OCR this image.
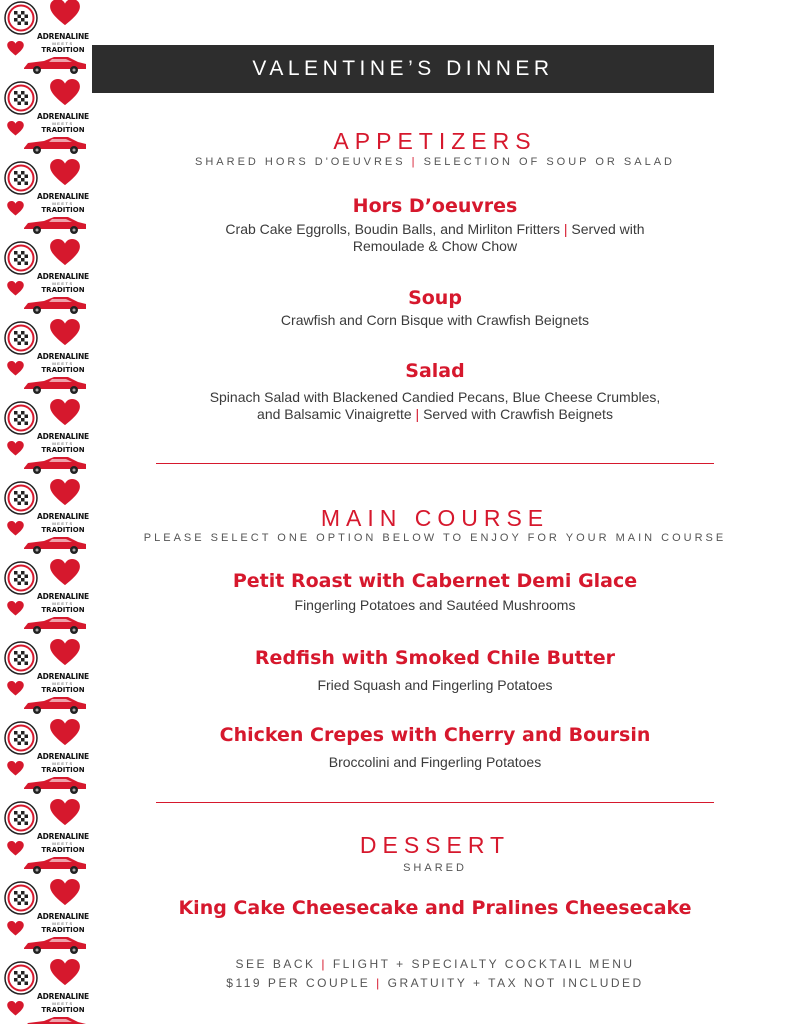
ADRENALINE
MEETS
TRADITION
ADRENALINE
MEETS
TRADITION
ADRENALINE
MEETS
TRADITION
ADRENALINE
MEETS
TRADITION
ADRENALINE
MEETS
TRADITION
ADRENALINE
MEETS
TRADITION
ADRENALINE
MEETS
TRADITION
ADRENALINE
MEETS
TRADITION
ADRENALINE
MEETS
TRADITION
ADRENALINE
MEETS
TRADITION
ADRENALINE
MEETS
TRADITION
ADRENALINE
MEETS
TRADITION
ADRENALINE
MEETS
TRADITION
VALENTINE’S DINNER
APPETIZERS
SHARED HORS D'OEUVRES | SELECTION OF SOUP OR SALAD
Hors D’oeuvres
Crab Cake Eggrolls, Boudin Balls, and Mirliton Fritters | Served with
Remoulade & Chow Chow
Soup
Crawfish and Corn Bisque with Crawfish Beignets
Salad
Spinach Salad with Blackened Candied Pecans, Blue Cheese Crumbles,
and Balsamic Vinaigrette | Served with Crawfish Beignets
MAIN COURSE
PLEASE SELECT ONE OPTION BELOW TO ENJOY FOR YOUR MAIN COURSE
Petit Roast with Cabernet Demi Glace
Fingerling Potatoes and Sautéed Mushrooms
Redfish with Smoked Chile Butter
Fried Squash and Fingerling Potatoes
Chicken Crepes with Cherry and Boursin
Broccolini and Fingerling Potatoes
DESSERT
SHARED
King Cake Cheesecake and Pralines Cheesecake
SEE BACK | FLIGHT + SPECIALTY COCKTAIL MENU
$119 PER COUPLE | GRATUITY + TAX NOT INCLUDED
